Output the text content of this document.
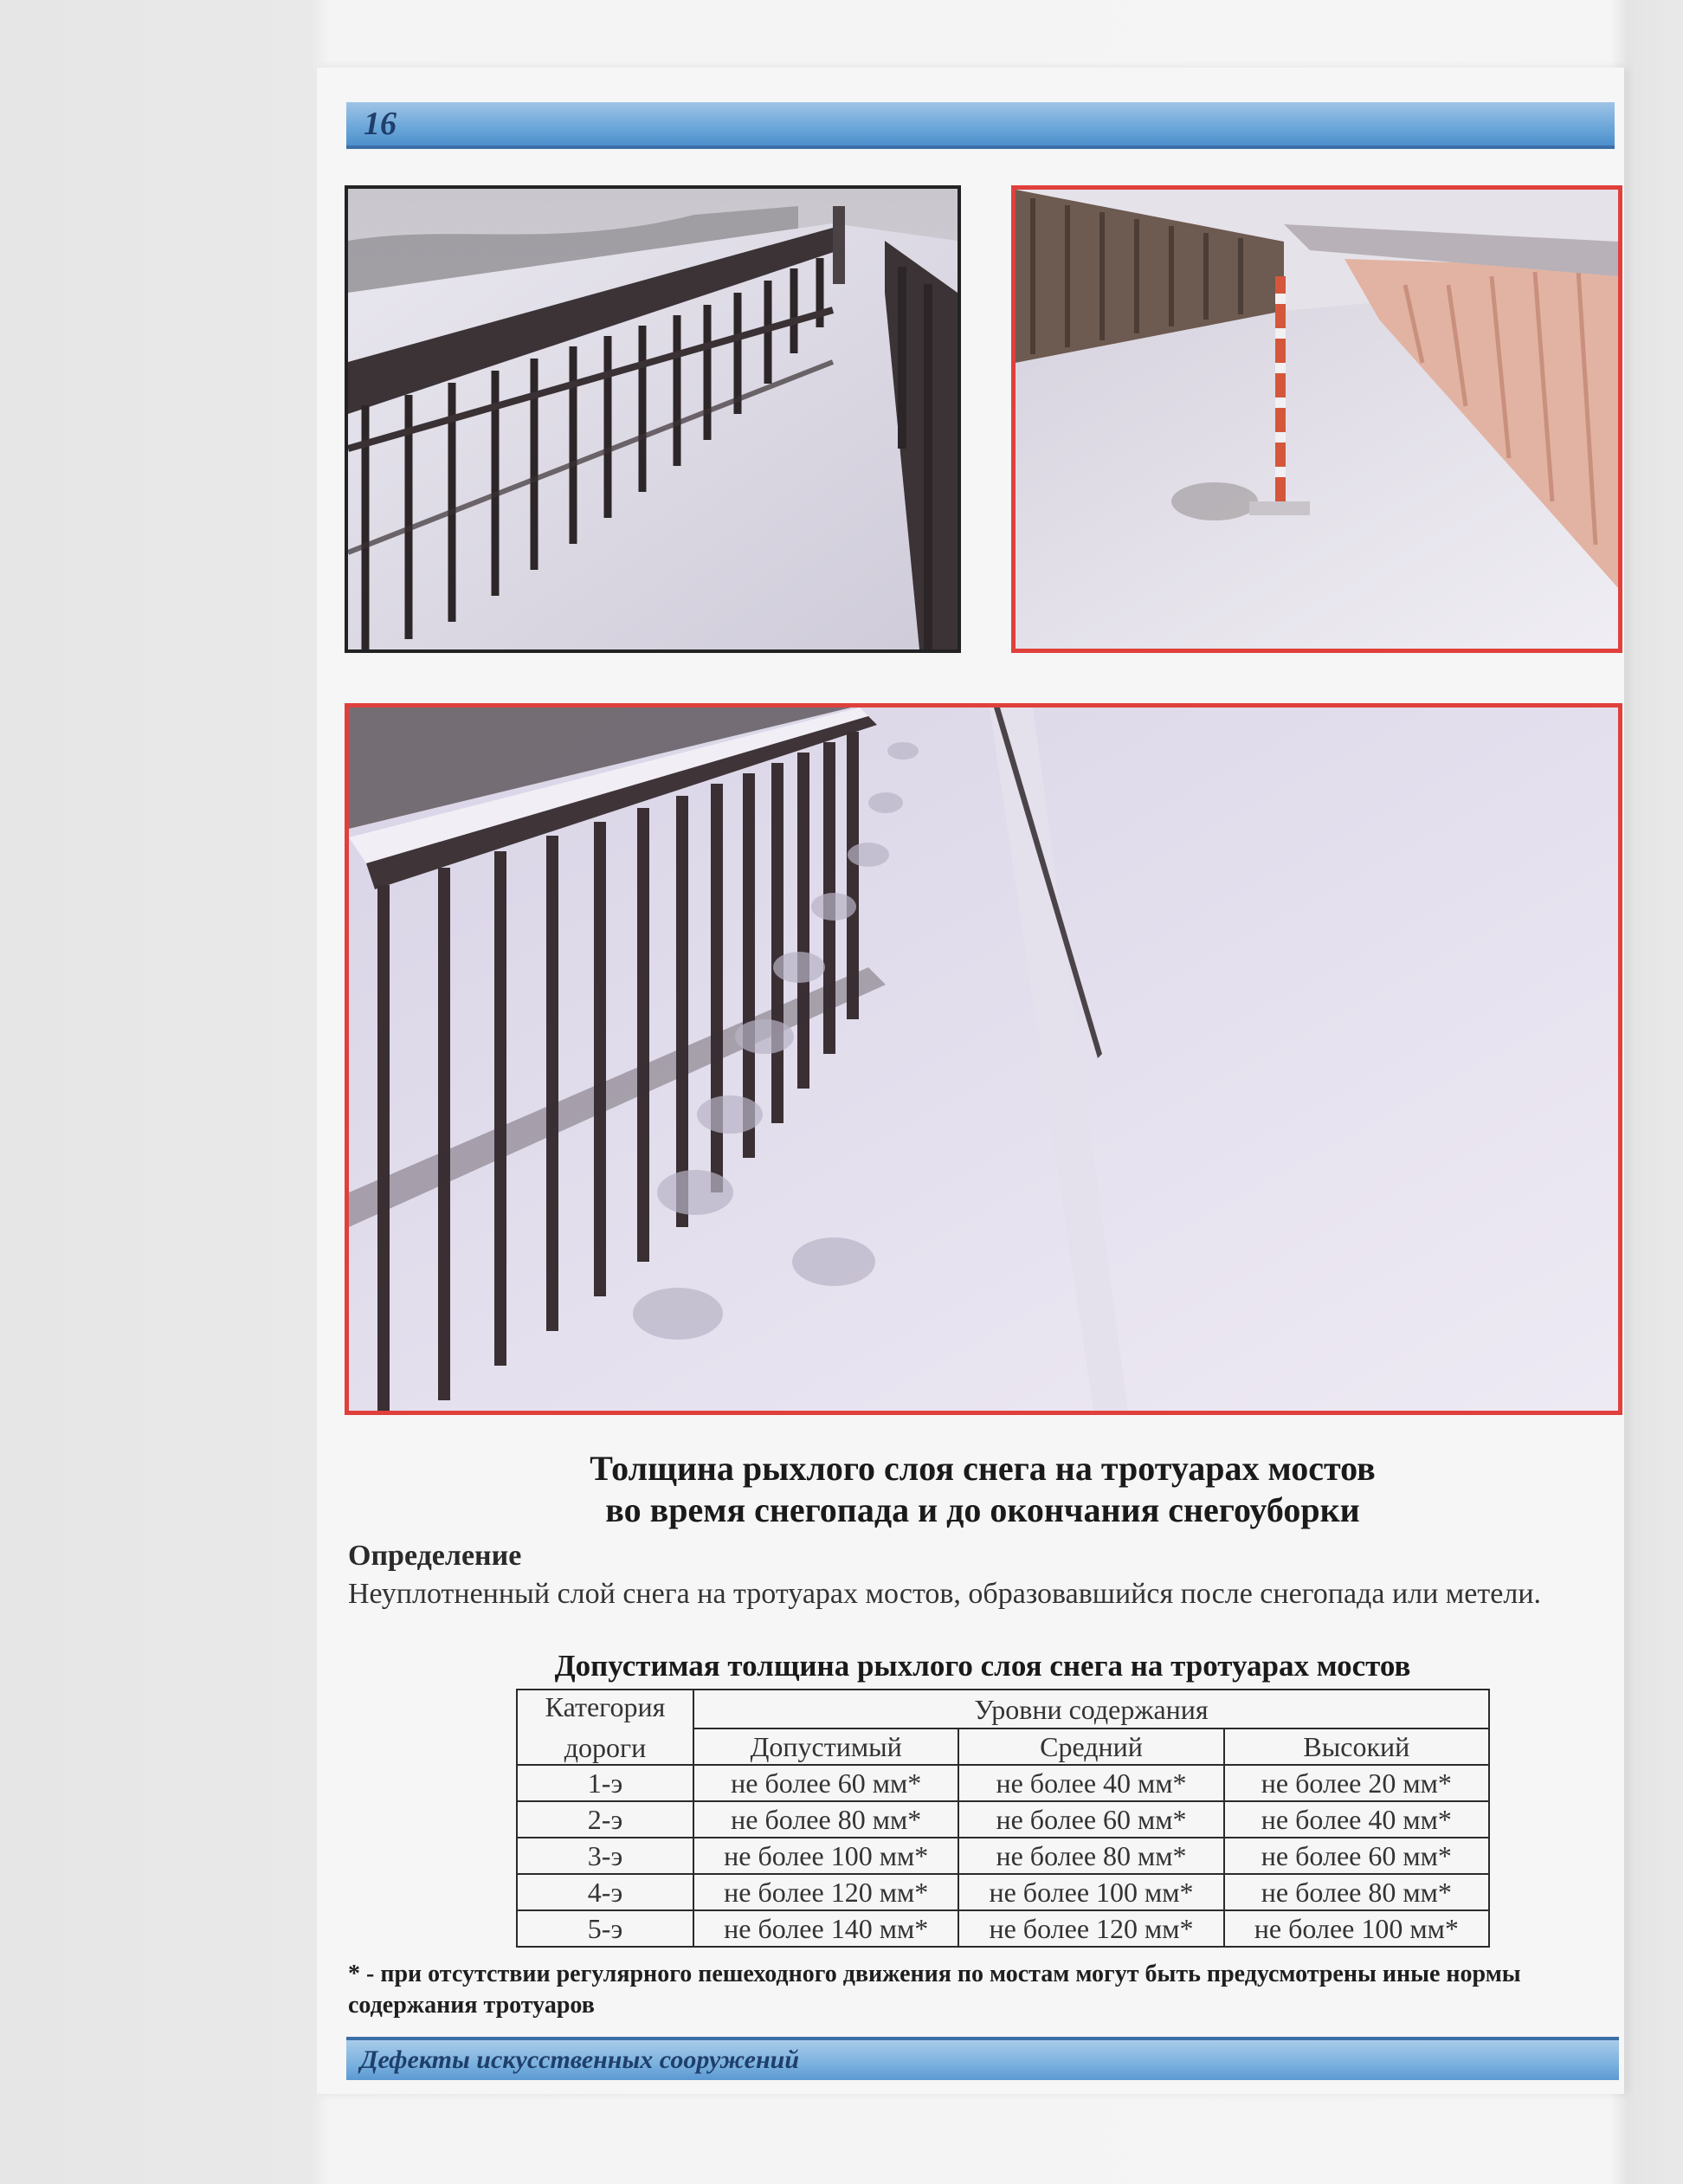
16
Толщина рыхлого слоя снега на тротуарах мостов
во время снегопада и до окончания снегоуборки
Определение
Неуплотненный слой снега на тротуарах мостов, образовавшийся после снегопада или метели.
Допустимая толщина рыхлого слоя снега на тротуарах мостов
Категория	Уровни содержания		
дороги	Допустимый	Средний	Высокий
1-э	не более 60 мм*	не более 40 мм*	не более 20 мм*
2-э	не более 80 мм*	не более 60 мм*	не более 40 мм*
3-э	не более 100 мм*	не более 80 мм*	не более 60 мм*
4-э	не более 120 мм*	не более 100 мм*	не более 80 мм*
5-э	не более 140 мм*	не более 120 мм*	не более 100 мм*
* - при отсутствии регулярного пешеходного движения по мостам могут быть предусмотрены иные нормы содержания тротуаров
Дефекты искусственных сооружений
